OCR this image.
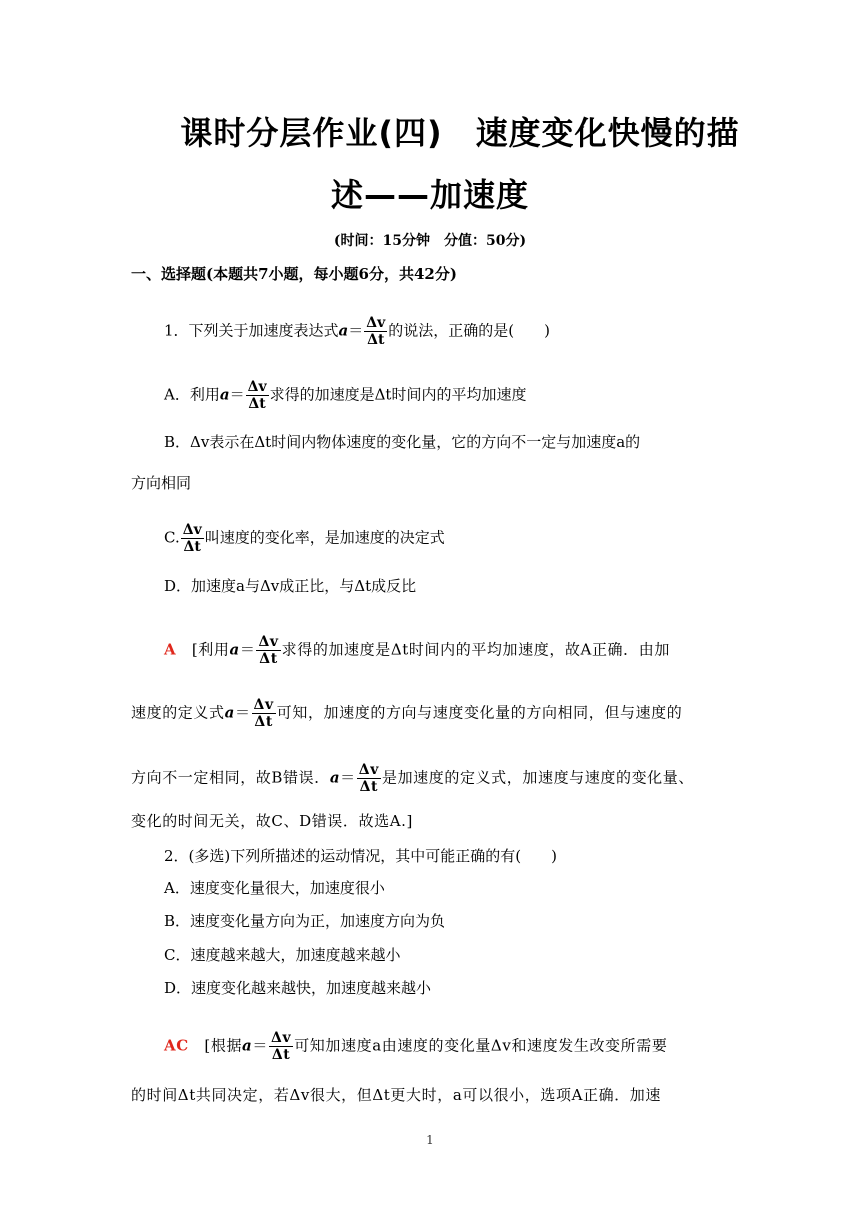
课时分层作业(四)　速度变化快慢的描
述——加速度
(时间：15分钟　分值：50分)
一、选择题(本题共7小题，每小题6分，共42分)
1．下列关于加速度表达式$a= \frac{\Delta v}{\Delta t}$ 的说法，正确的是(　　)
A．利用$a= \frac{\Delta v}{\Delta t}$ 求得的加速度是Δt时间内的平均加速度
B．Δv表示在Δt时间内物体速度的变化量，它的方向不一定与加速度a的
方向相同
C. $\frac{\Delta v}{\Delta t}$ 叫速度的变化率，是加速度的决定式
D．加速度a与Δv成正比，与Δt成反比
A　 [利用$a= \frac{\Delta v}{\Delta t}$ 求得的加速度是Δt时间内的平均加速度，故A正确．由加
速度的定义式$a= \frac{\Delta v}{\Delta t}$ 可知，加速度的方向与速度变化量的方向相同，但与速度的
方向不一定相同，故B错误．$a= \frac{\Delta v}{\Delta t}$ 是加速度的定义式，加速度与速度的变化量、
变化的时间无关，故C、D错误．故选A.]
2．(多选)下列所描述的运动情况，其中可能正确的有(　　)
A．速度变化量很大，加速度很小
B．速度变化量方向为正，加速度方向为负
C．速度越来越大，加速度越来越小
D．速度变化越来越快，加速度越来越小
AC　 [根据$a= \frac{\Delta v}{\Delta t}$ 可知加速度a由速度的变化量Δv和速度发生改变所需要
的时间Δt共同决定，若Δv很大，但Δt更大时，a可以很小，选项A正确．加速
1
